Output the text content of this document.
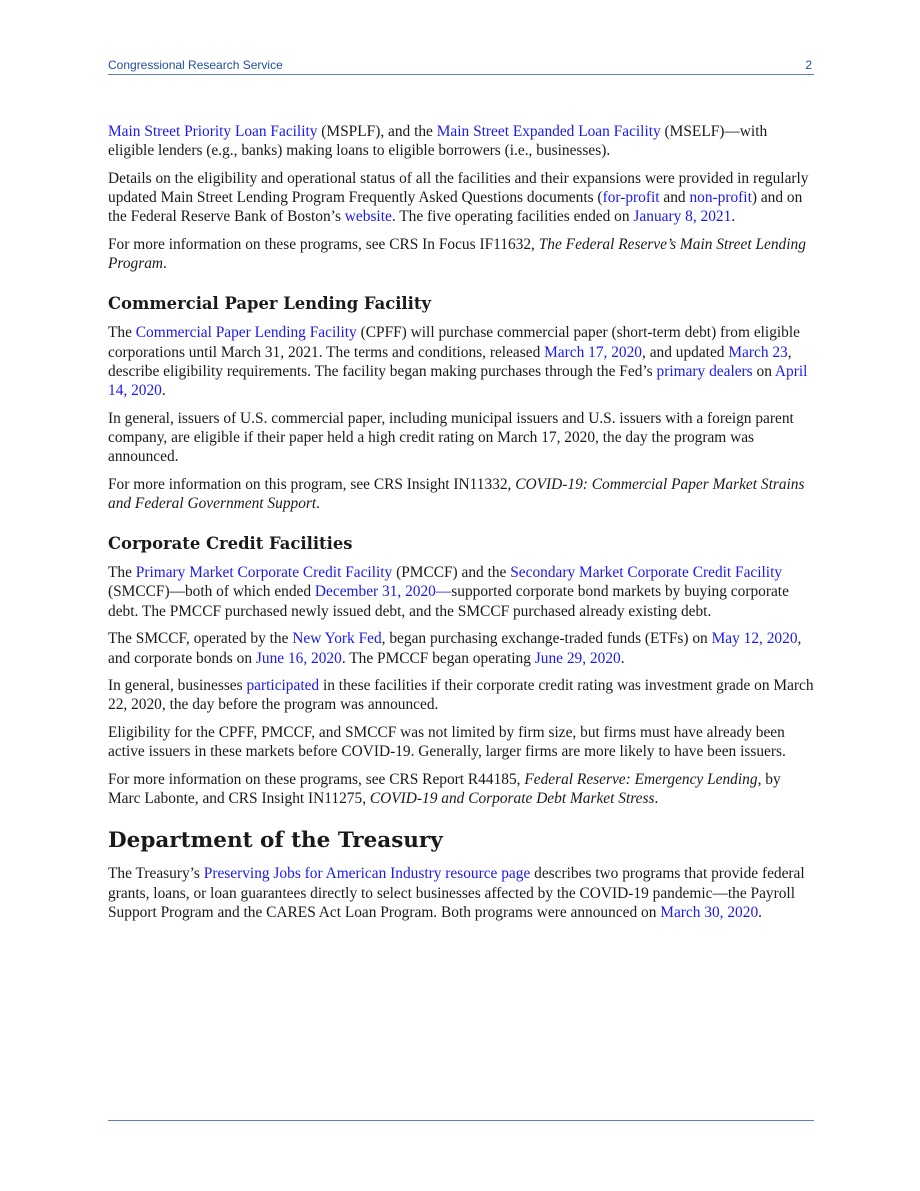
Congressional Research Service	2

Main Street Priority Loan Facility (MSPLF), and the Main Street Expanded Loan Facility (MSELF)—with eligible lenders (e.g., banks) making loans to eligible borrowers (i.e., businesses).

Details on the eligibility and operational status of all the facilities and their expansions were provided in regularly updated Main Street Lending Program Frequently Asked Questions documents (for-profit and non-profit) and on the Federal Reserve Bank of Boston’s website. The five operating facilities ended on January 8, 2021.

For more information on these programs, see CRS In Focus IF11632, The Federal Reserve’s Main Street Lending Program.

Commercial Paper Lending Facility

The Commercial Paper Lending Facility (CPFF) will purchase commercial paper (short-term debt) from eligible corporations until March 31, 2021. The terms and conditions, released March 17, 2020, and updated March 23, describe eligibility requirements. The facility began making purchases through the Fed’s primary dealers on April 14, 2020.

In general, issuers of U.S. commercial paper, including municipal issuers and U.S. issuers with a foreign parent company, are eligible if their paper held a high credit rating on March 17, 2020, the day the program was announced.

For more information on this program, see CRS Insight IN11332, COVID-19: Commercial Paper Market Strains and Federal Government Support.

Corporate Credit Facilities

The Primary Market Corporate Credit Facility (PMCCF) and the Secondary Market Corporate Credit Facility (SMCCF)—both of which ended December 31, 2020—supported corporate bond markets by buying corporate debt. The PMCCF purchased newly issued debt, and the SMCCF purchased already existing debt.

The SMCCF, operated by the New York Fed, began purchasing exchange-traded funds (ETFs) on May 12, 2020, and corporate bonds on June 16, 2020. The PMCCF began operating June 29, 2020.

In general, businesses participated in these facilities if their corporate credit rating was investment grade on March 22, 2020, the day before the program was announced.

Eligibility for the CPFF, PMCCF, and SMCCF was not limited by firm size, but firms must have already been active issuers in these markets before COVID-19. Generally, larger firms are more likely to have been issuers.

For more information on these programs, see CRS Report R44185, Federal Reserve: Emergency Lending, by Marc Labonte, and CRS Insight IN11275, COVID-19 and Corporate Debt Market Stress.

Department of the Treasury

The Treasury’s Preserving Jobs for American Industry resource page describes two programs that provide federal grants, loans, or loan guarantees directly to select businesses affected by the COVID-19 pandemic—the Payroll Support Program and the CARES Act Loan Program. Both programs were announced on March 30, 2020.
